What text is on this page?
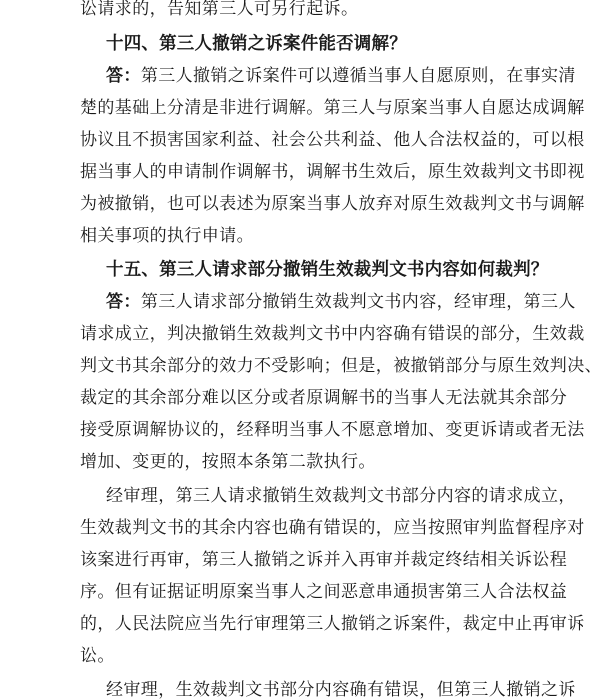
讼请求的，告知第三人可另行起诉。
十四、第三人撤销之诉案件能否调解？
答：第三人撤销之诉案件可以遵循当事人自愿原则，在事实清
楚的基础上分清是非进行调解。第三人与原案当事人自愿达成调解
协议且不损害国家利益、社会公共利益、他人合法权益的，可以根
据当事人的申请制作调解书，调解书生效后，原生效裁判文书即视
为被撤销，也可以表述为原案当事人放弃对原生效裁判文书与调解
相关事项的执行申请。
十五、第三人请求部分撤销生效裁判文书内容如何裁判？
答：第三人请求部分撤销生效裁判文书内容，经审理，第三人
请求成立，判决撤销生效裁判文书中内容确有错误的部分，生效裁
判文书其余部分的效力不受影响；但是，被撤销部分与原生效判决、
裁定的其余部分难以区分或者原调解书的当事人无法就其余部分
接受原调解协议的，经释明当事人不愿意增加、变更诉请或者无法
增加、变更的，按照本条第二款执行。
经审理，第三人请求撤销生效裁判文书部分内容的请求成立，
生效裁判文书的其余内容也确有错误的，应当按照审判监督程序对
该案进行再审，第三人撤销之诉并入再审并裁定终结相关诉讼程
序。但有证据证明原案当事人之间恶意串通损害第三人合法权益
的，人民法院应当先行审理第三人撤销之诉案件，裁定中止再审诉
讼。
经审理，生效裁判文书部分内容确有错误，但第三人撤销之诉
